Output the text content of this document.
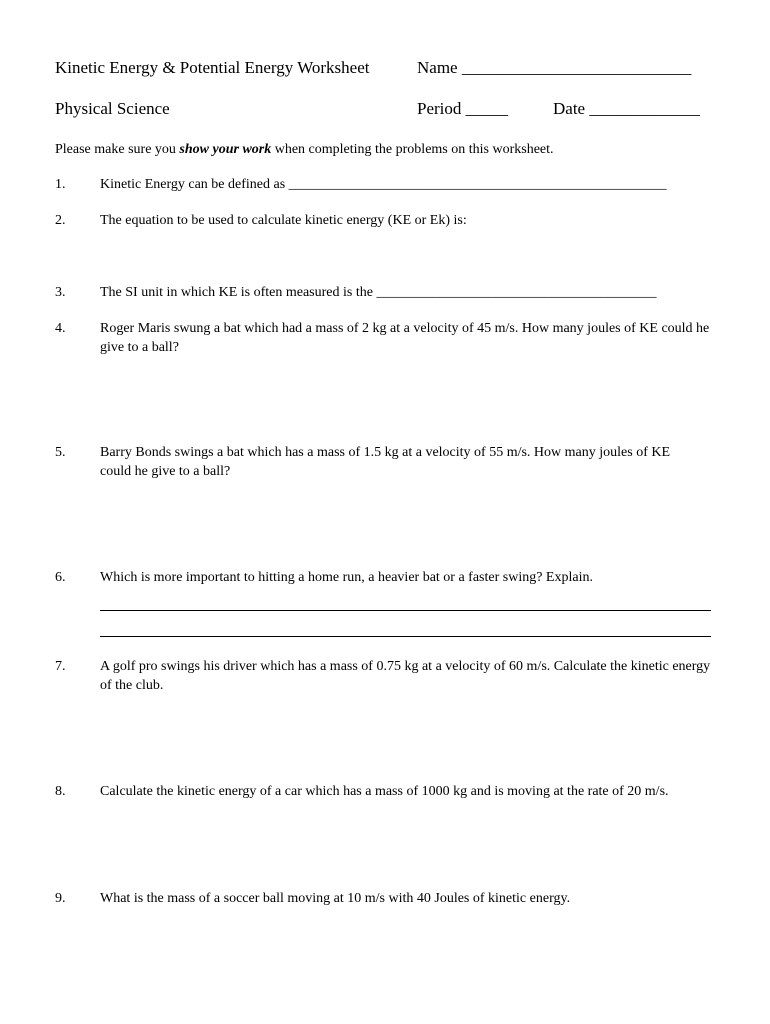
Kinetic Energy & Potential Energy Worksheet	Name ___________________________
Physical Science	Period _____	Date _____________
Please make sure you show your work when completing the problems on this worksheet.
1. Kinetic Energy can be defined as ______________________________________________________
2. The equation to be used to calculate kinetic energy (KE or Ek) is:
3. The SI unit in which KE is often measured is the ________________________________________
4. Roger Maris swung a bat which had a mass of 2 kg at a velocity of 45 m/s. How many joules of KE could he give to a ball?
5. Barry Bonds swings a bat which has a mass of 1.5 kg at a velocity of 55 m/s. How many joules of KE could he give to a ball?
6. Which is more important to hitting a home run, a heavier bat or a faster swing? Explain.
7. A golf pro swings his driver which has a mass of 0.75 kg at a velocity of 60 m/s. Calculate the kinetic energy of the club.
8. Calculate the kinetic energy of a car which has a mass of 1000 kg and is moving at the rate of 20 m/s.
9. What is the mass of a soccer ball moving at 10 m/s with 40 Joules of kinetic energy.
